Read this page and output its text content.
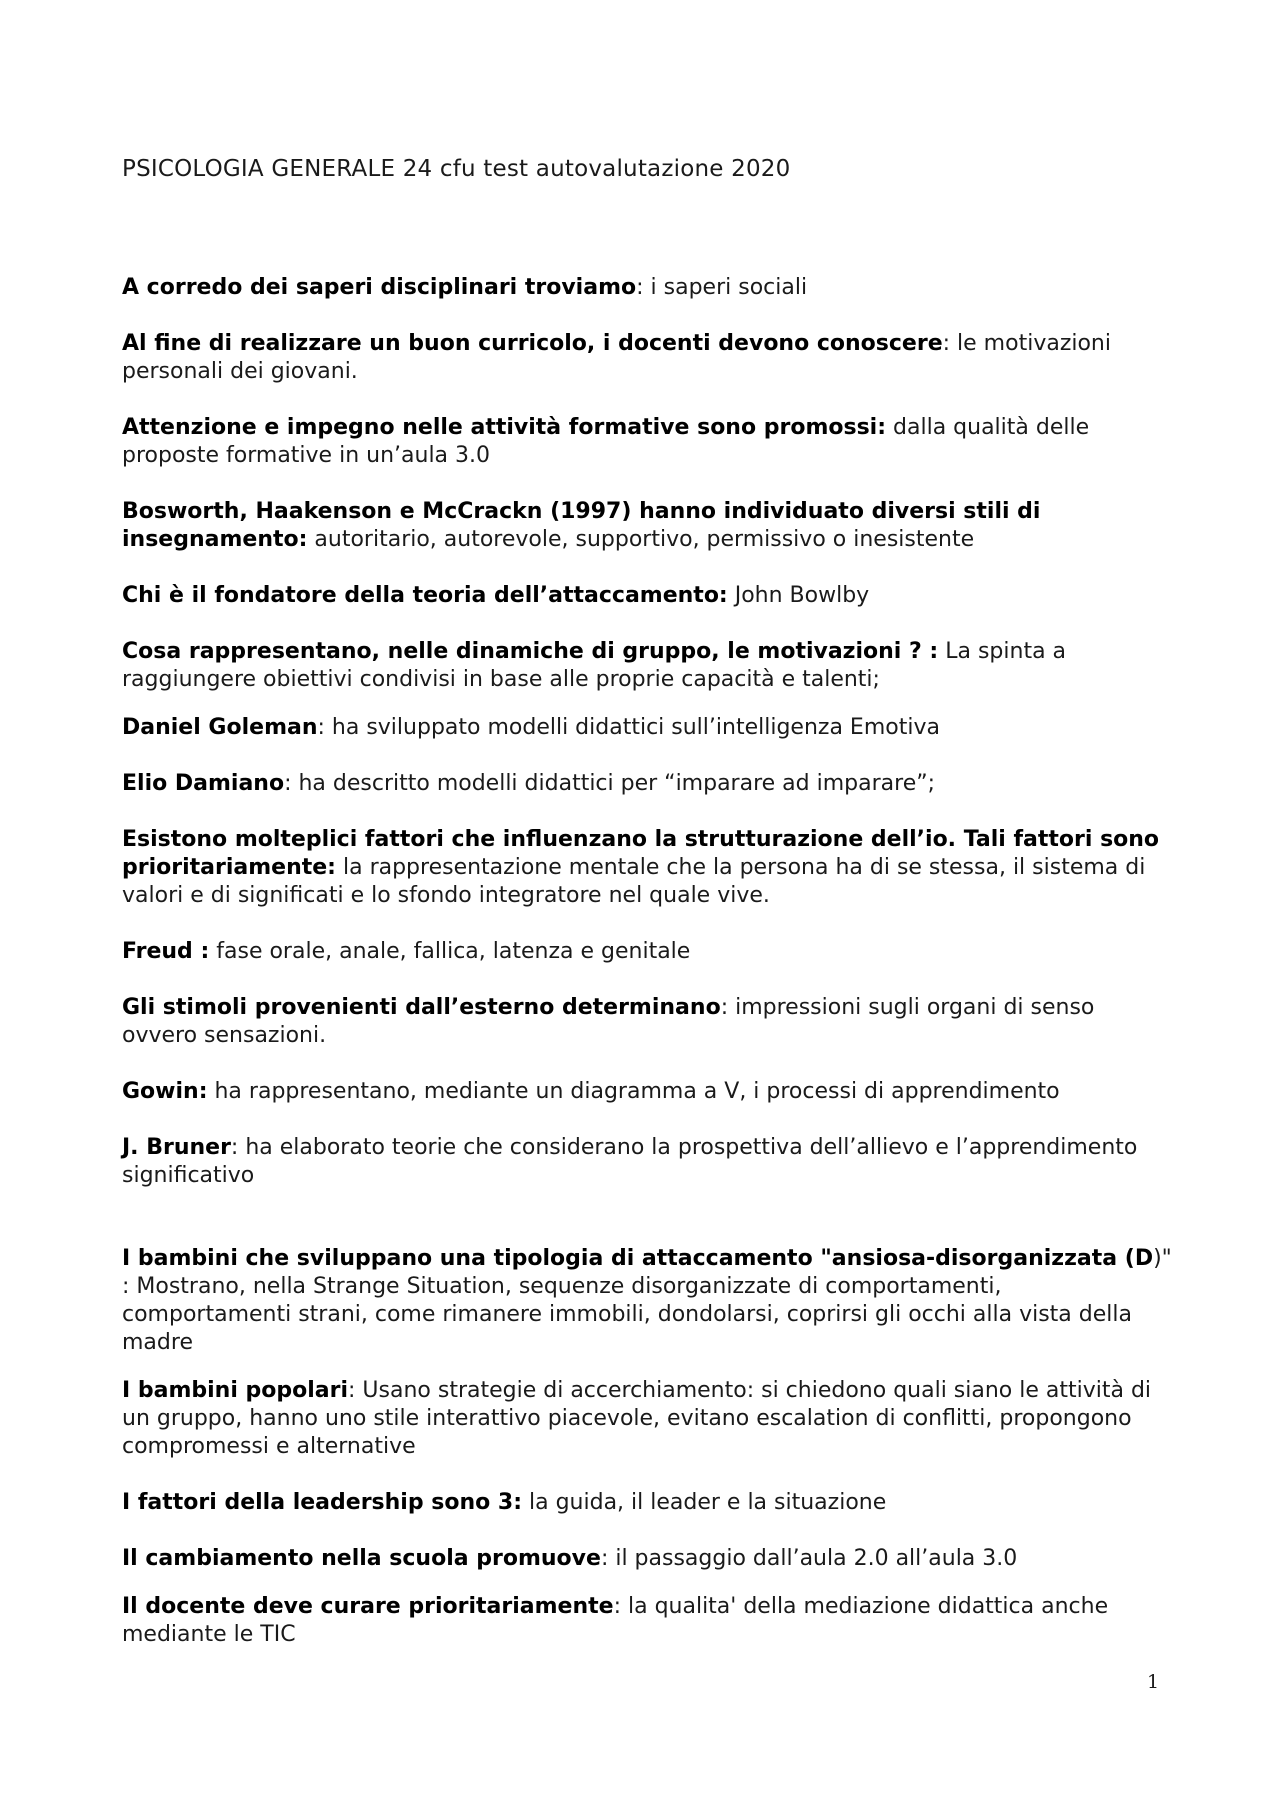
PSICOLOGIA GENERALE 24 cfu test autovalutazione 2020

A corredo dei saperi disciplinari troviamo: i saperi sociali

Al fine di realizzare un buon curricolo, i docenti devono conoscere: le motivazioni personali dei giovani.

Attenzione e impegno nelle attività formative sono promossi: dalla qualità delle proposte formative in un’aula 3.0

Bosworth, Haakenson e McCrackn (1997) hanno individuato diversi stili di insegnamento: autoritario, autorevole, supportivo, permissivo o inesistente

Chi è il fondatore della teoria dell’attaccamento: John Bowlby

Cosa rappresentano, nelle dinamiche di gruppo, le motivazioni ? : La spinta a raggiungere obiettivi condivisi in base alle proprie capacità e talenti;

Daniel Goleman: ha sviluppato modelli didattici sull’intelligenza Emotiva

Elio Damiano: ha descritto modelli didattici per “imparare ad imparare”;

Esistono molteplici fattori che influenzano la strutturazione dell’io. Tali fattori sono prioritariamente: la rappresentazione mentale che la persona ha di se stessa, il sistema di valori e di significati e lo sfondo integratore nel quale vive.

Freud : fase orale, anale, fallica, latenza e genitale

Gli stimoli provenienti dall’esterno determinano: impressioni sugli organi di senso ovvero sensazioni.

Gowin: ha rappresentano, mediante un diagramma a V, i processi di apprendimento

J. Bruner: ha elaborato teorie che considerano la prospettiva dell’allievo e l’apprendimento significativo

I bambini che sviluppano una tipologia di attaccamento "ansiosa-disorganizzata (D)" : Mostrano, nella Strange Situation, sequenze disorganizzate di comportamenti, comportamenti strani, come rimanere immobili, dondolarsi, coprirsi gli occhi alla vista della madre

I bambini popolari: Usano strategie di accerchiamento: si chiedono quali siano le attività di un gruppo, hanno uno stile interattivo piacevole, evitano escalation di conflitti, propongono compromessi e alternative

I fattori della leadership sono 3: la guida, il leader e la situazione

Il cambiamento nella scuola promuove: il passaggio dall’aula 2.0 all’aula 3.0

Il docente deve curare prioritariamente: la qualita' della mediazione didattica anche mediante le TIC

1
